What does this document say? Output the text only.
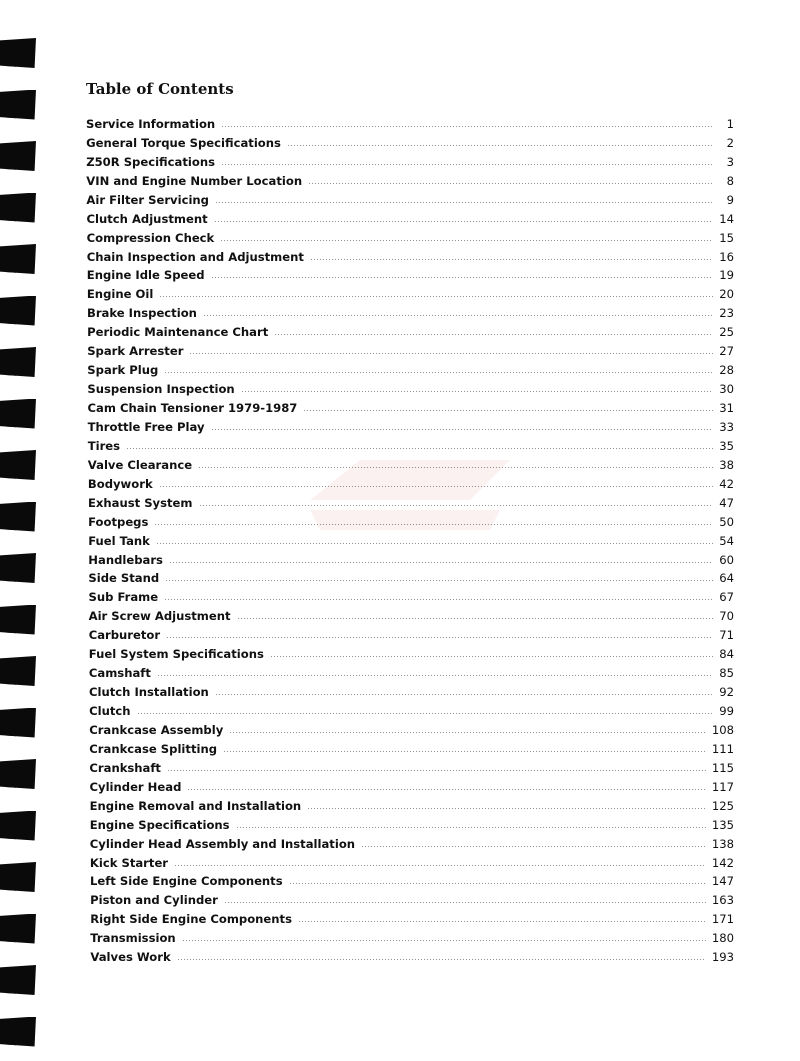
Table of Contents
Service Information	1
General Torque Specifications	2
Z50R Specifications	3
VIN and Engine Number Location	8
Air Filter Servicing	9
Clutch Adjustment	14
Compression Check	15
Chain Inspection and Adjustment	16
Engine Idle Speed	19
Engine Oil	20
Brake Inspection	23
Periodic Maintenance Chart	25
Spark Arrester	27
Spark Plug	28
Suspension Inspection	30
Cam Chain Tensioner 1979-1987	31
Throttle Free Play	33
Tires	35
Valve Clearance	38
Bodywork	42
Exhaust System	47
Footpegs	50
Fuel Tank	54
Handlebars	60
Side Stand	64
Sub Frame	67
Air Screw Adjustment	70
Carburetor	71
Fuel System Specifications	84
Camshaft	85
Clutch Installation	92
Clutch	99
Crankcase Assembly	108
Crankcase Splitting	111
Crankshaft	115
Cylinder Head	117
Engine Removal and Installation	125
Engine Specifications	135
Cylinder Head Assembly and Installation	138
Kick Starter	142
Left Side Engine Components	147
Piston and Cylinder	163
Right Side Engine Components	171
Transmission	180
Valves Work	193
